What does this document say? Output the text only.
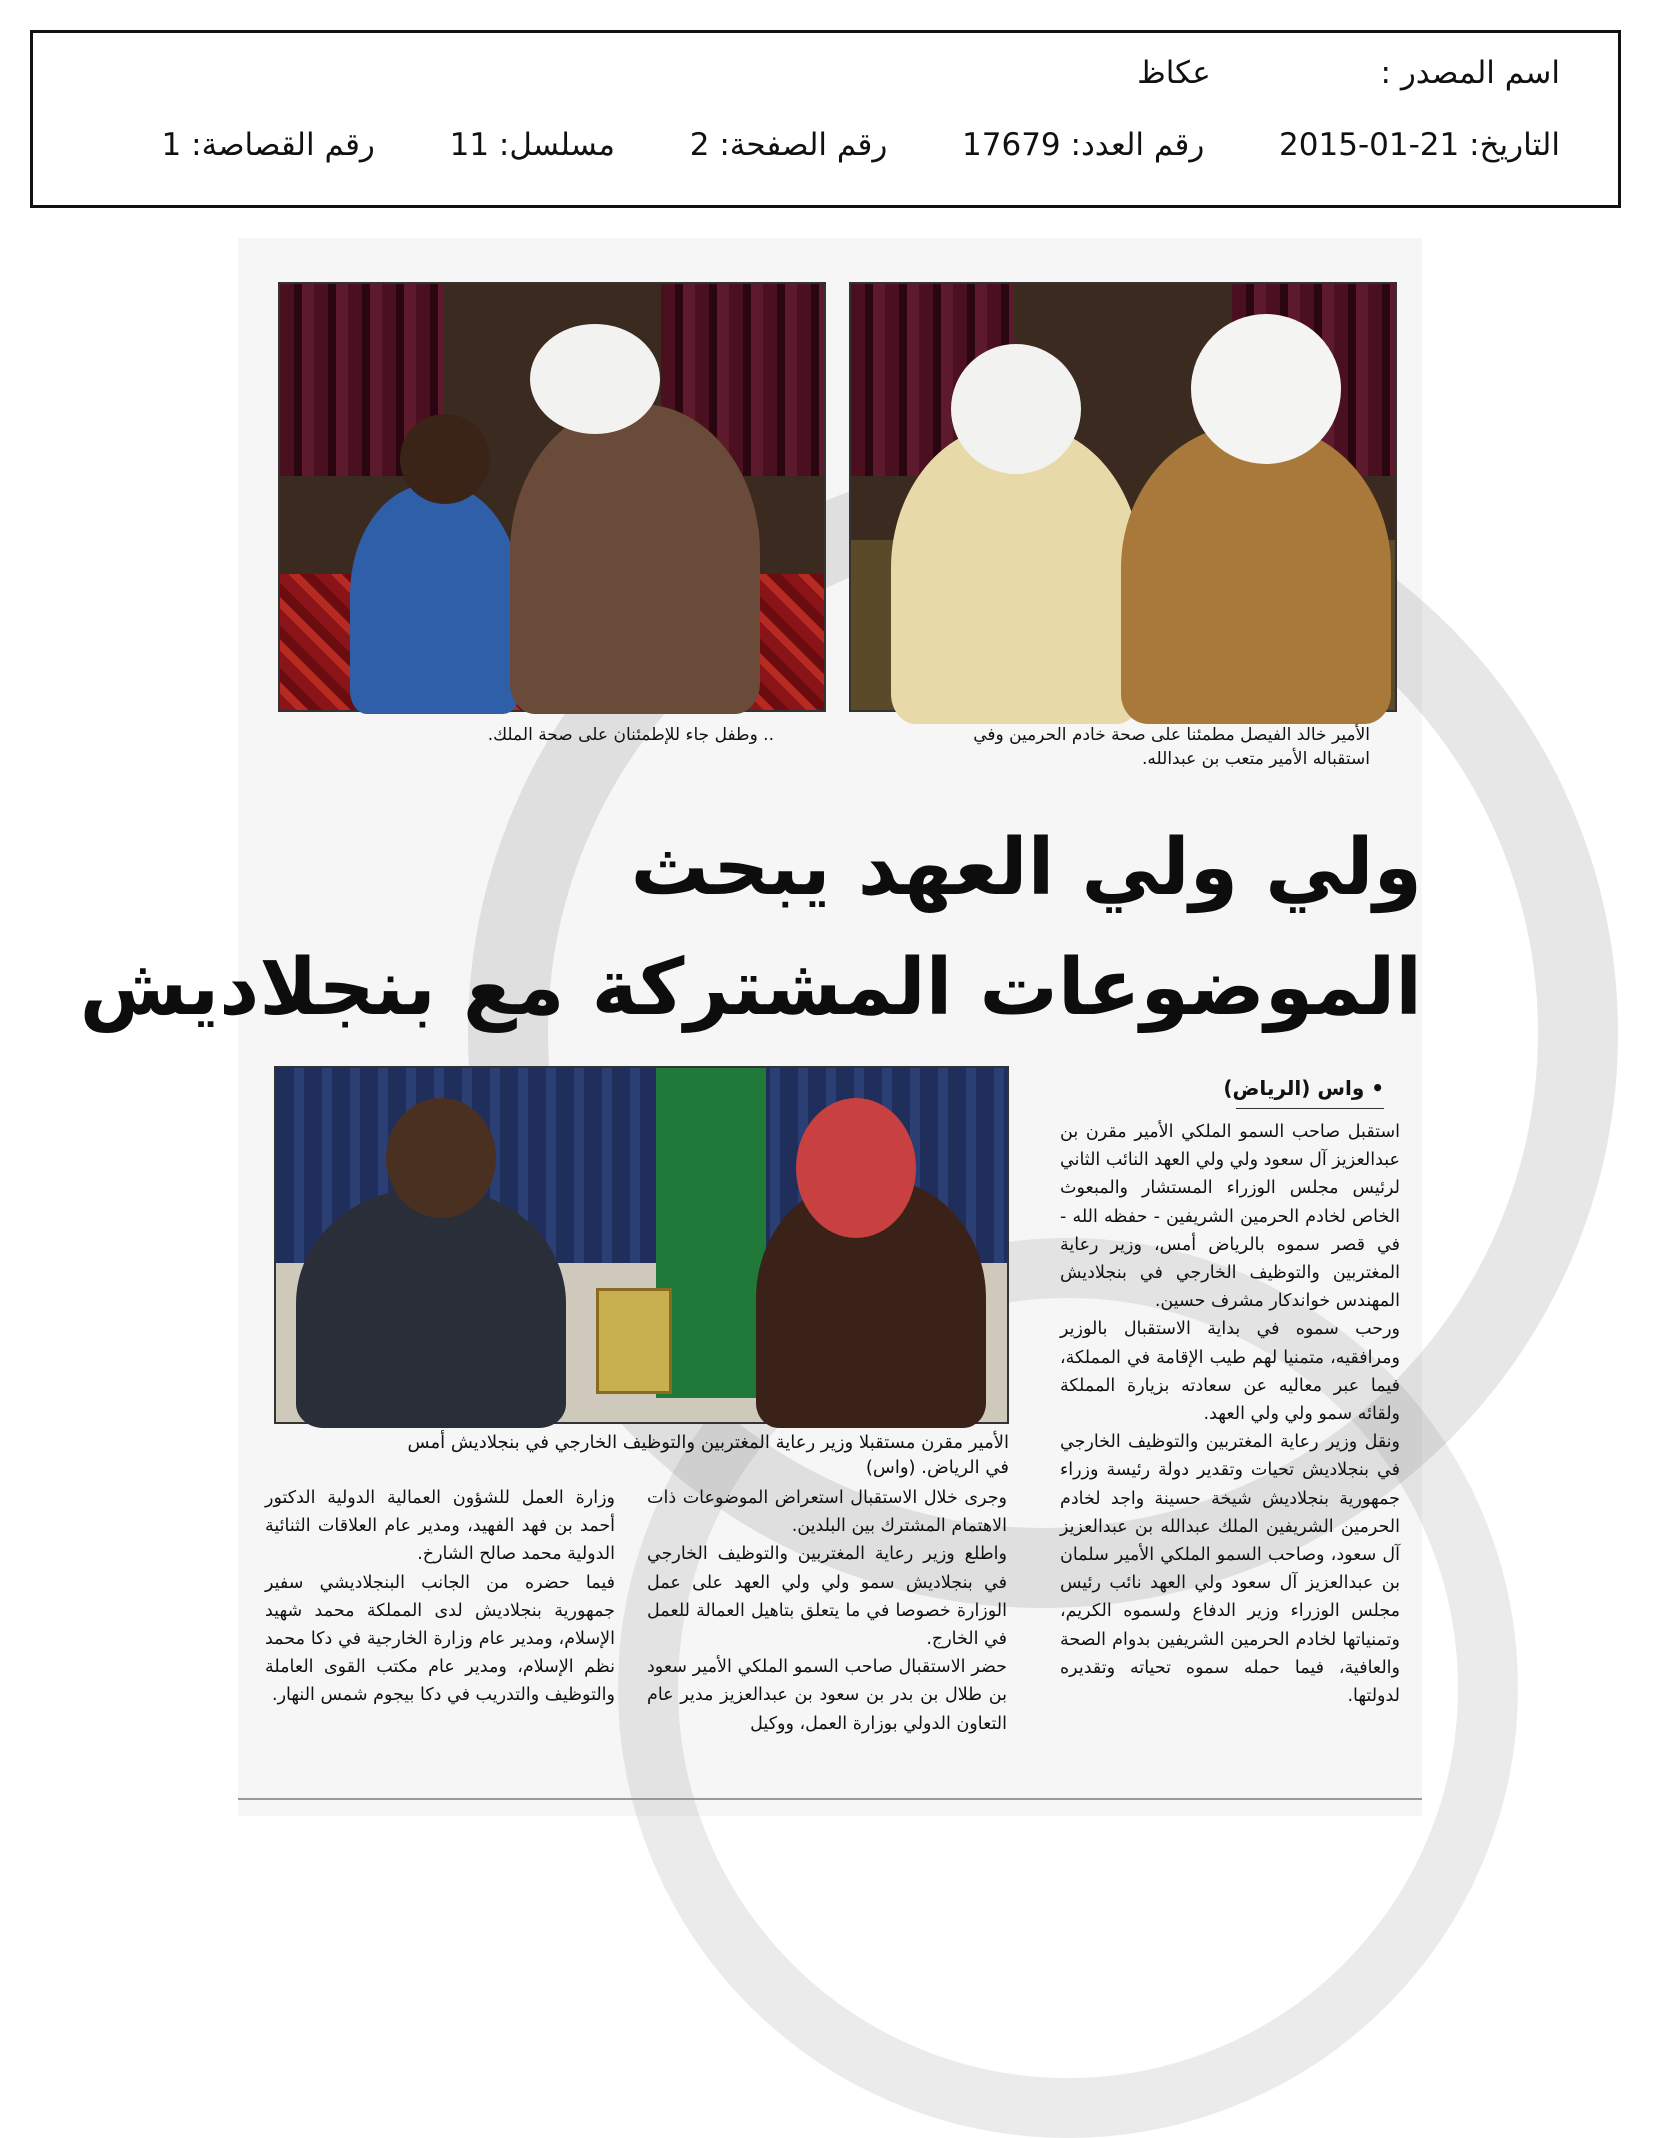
اسم المصدر :  عكاظ
التاريخ: 2015-01-21  رقم العدد: 17679  رقم الصفحة: 2  مسلسل: 11  رقم القصاصة: 1
الأمير خالد الفيصل مطمئنا على صحة خادم الحرمين وفي
استقباله الأمير متعب بن عبدالله.
.. وطفل جاء للإطمئنان على صحة الملك.
ولي ولي العهد يبحث
الموضوعات المشتركة مع بنجلاديش
الأمير مقرن مستقبلا وزير رعاية المغتربين والتوظيف الخارجي في بنجلاديش أمس
في الرياض. (واس)
• واس (الرياض)

استقبل صاحب السمو الملكي الأمير مقرن بن عبدالعزيز آل سعود ولي ولي العهد النائب الثاني لرئيس مجلس الوزراء المستشار والمبعوث الخاص لخادم الحرمين الشريفين - حفظه الله - في قصر سموه بالرياض أمس، وزير رعاية المغتربين والتوظيف الخارجي في بنجلاديش المهندس خواندكار مشرف حسين.

ورحب سموه في بداية الاستقبال بالوزير ومرافقيه، متمنيا لهم طيب الإقامة في المملكة، فيما عبر معاليه عن سعادته بزيارة المملكة ولقائه سمو ولي ولي العهد.

ونقل وزير رعاية المغتربين والتوظيف الخارجي في بنجلاديش تحيات وتقدير دولة رئيسة وزراء جمهورية بنجلاديش شيخة حسينة واجد لخادم الحرمين الشريفين الملك عبدالله بن عبدالعزيز آل سعود، وصاحب السمو الملكي الأمير سلمان بن عبدالعزيز آل سعود ولي العهد نائب رئيس مجلس الوزراء وزير الدفاع ولسموه الكريم، وتمنياتها لخادم الحرمين الشريفين بدوام الصحة والعافية، فيما حمله سموه تحياته وتقديره لدولتها.

وجرى خلال الاستقبال استعراض الموضوعات ذات الاهتمام المشترك بين البلدين.

واطلع وزير رعاية المغتربين والتوظيف الخارجي في بنجلاديش سمو ولي ولي العهد على عمل الوزارة خصوصا في ما يتعلق بتاهيل العمالة للعمل في الخارج.

حضر الاستقبال صاحب السمو الملكي الأمير سعود بن طلال بن بدر بن سعود بن عبدالعزيز مدير عام التعاون الدولي بوزارة العمل، ووكيل

وزارة العمل للشؤون العمالية الدولية الدكتور أحمد بن فهد الفهيد، ومدير عام العلاقات الثنائية الدولية محمد صالح الشارخ.

فيما حضره من الجانب البنجلاديشي سفير جمهورية بنجلاديش لدى المملكة محمد شهيد الإسلام، ومدير عام وزارة الخارجية في دكا محمد نظم الإسلام، ومدير عام مكتب القوى العاملة والتوظيف والتدريب في دكا بيجوم شمس النهار.
